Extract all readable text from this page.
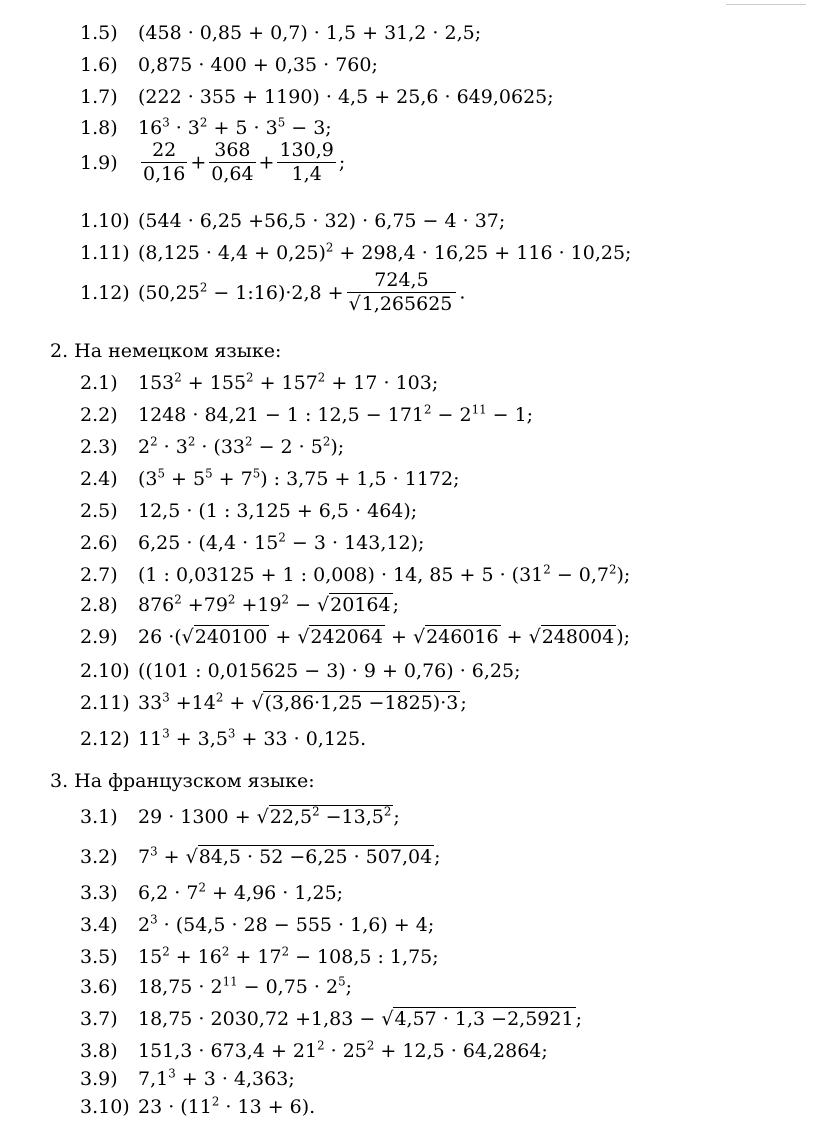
1.5) (458 · 0,85 + 0,7) · 1,5 + 31,2 · 2,5;
1.6) 0,875 · 400 + 0,35 · 760;
1.7) (222 · 355 + 1190) · 4,5 + 25,6 · 649,0625;
1.8) $16^3 \cdot 3^2 + 5 \cdot 3^5 - 3$;
$1.9) \frac{22}{0,16} + \frac{368}{0,64} + \frac{130,9}{1,4}$ ;
1.10) (544 · 6,25 +56,5 · 32) · 6,75 − 4 · 37;
1.11) $(8,125 \cdot 4,4 + 0,25)^2 + 298,4 \cdot 16,25 + 116 \cdot 10,25$;
1.12) ($50,25^2$ − 1:16)·2,8 + $\frac{724,5}{√1,265625}$ .
2. На немецком языке:
2.1) $153^2 + 155^2 + 157^2 + 17 \cdot 103$;
2.2) 1248 · 84,21 − 1 : $12,5 - 171^2 - 2^{11} - 1$;
2.3) $2^2 \cdot 3^2 \cdot (33^2 - 2 \cdot 5^2)$;
2.4) $(3^5 + 5^5 + 7^5)$ : 3,75 + 1,5 · 1172;
2.5) 12,5 · (1 : 3,125 + 6,5 · 464);
2.6) $6,25 \cdot (4,4 \cdot 15^2 - 3 \cdot 143,12)$;
2.7) (1 : 0,03125 + 1 : 0,008) · 14, $85 + 5 \cdot (31^2 - 0,7^2)$;
2.8) $876^2 +79^2 +19^2 - √20164$ ;
2.9) 26 ·(√240100 + √242064 + √246016 + √248004 );
2.10) ((101 : 0,015625 − 3) · 9 + 0,76) · 6,25;
2.11) $33^3 +14^2 + √(3,86\cdot 1,25 -1825)\cdot 3$ ;
2.12) $11^3 + 3,5^3 + 33 \cdot 0,125$.
3. На французском языке:
3.1) $29 \cdot 1300 + √22,5^2 -13,5^2$ ;
3.2) $7^3 + √84,5 \cdot 52 -6,25 \cdot 507,04$ ;
3.3) $6,2 \cdot 7^2 + 4,96 \cdot 1,25$;
3.4) $2^3 \cdot (54,5 \cdot 28 - 555 \cdot 1,6) + 4$;
3.5) $15^2 + 16^2 + 17^2 - 108,5$ : 1,75;
3.6) $18,75 \cdot 2^{11} - 0,75 \cdot 2^5$;
3.7) 18,75 · 2030,72 +1,83 − √4,57 · 1,3 −2,5921 ;
3.8) $151,3 \cdot 673,4 + 21^2 \cdot 25^2 + 12,5 \cdot 64,2864$;
3.9) $7,1^3 + 3 \cdot 4,363$;
3.10) $23 \cdot (11^2 \cdot 13 + 6)$.
